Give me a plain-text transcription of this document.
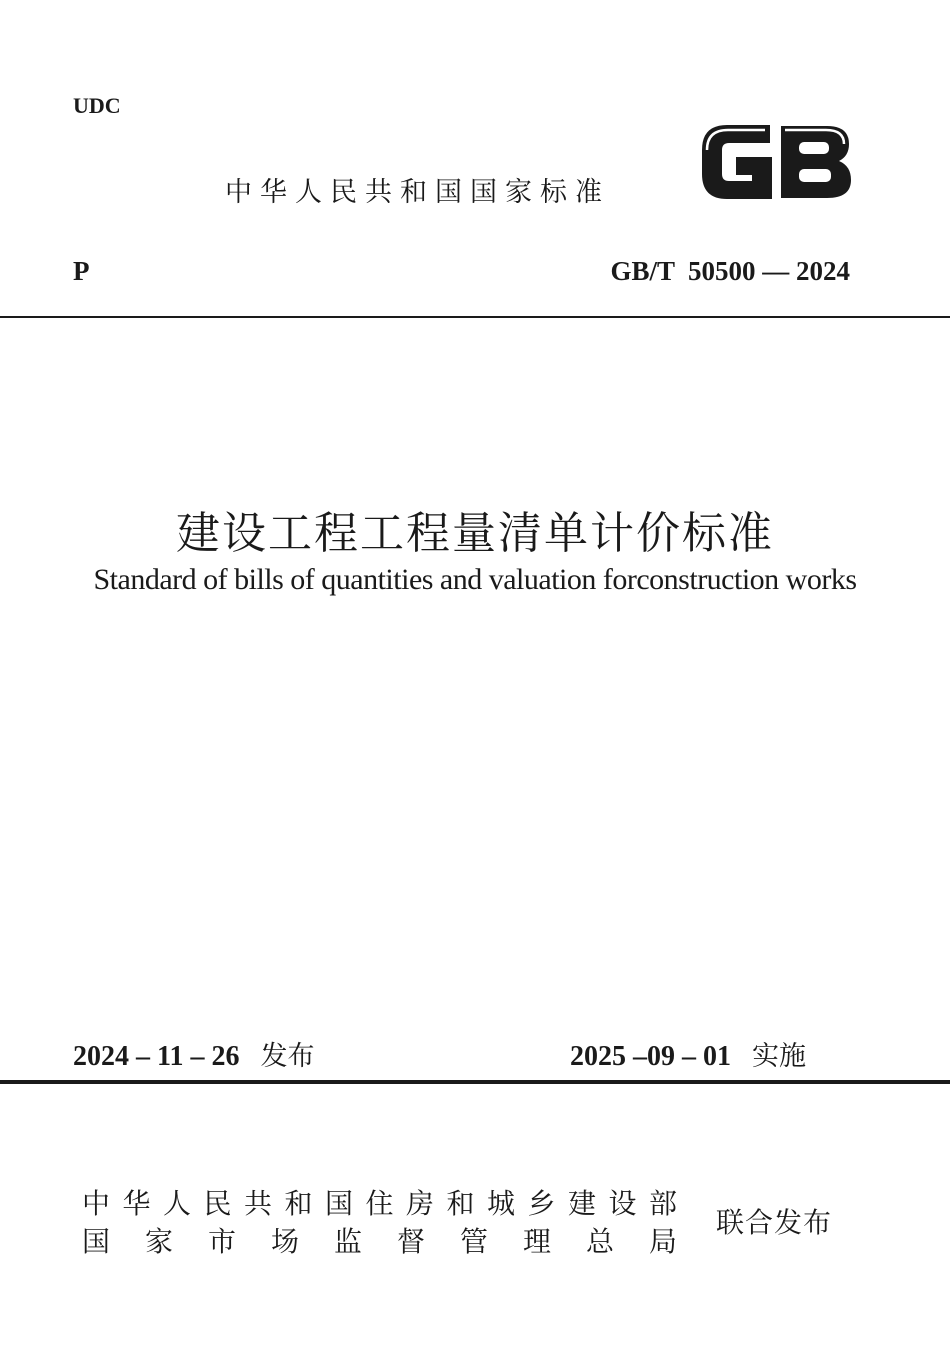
UDC
中华人民共和国国家标准
P	GB/T  50500 — 2024
建设工程工程量清单计价标准
Standard of bills of quantities and valuation forconstruction works
2024 – 11 – 26 发布	2025 –09 – 01 实施
中华人民共和国住房和城乡建设部
国家市场监督管理总局
联合发布
